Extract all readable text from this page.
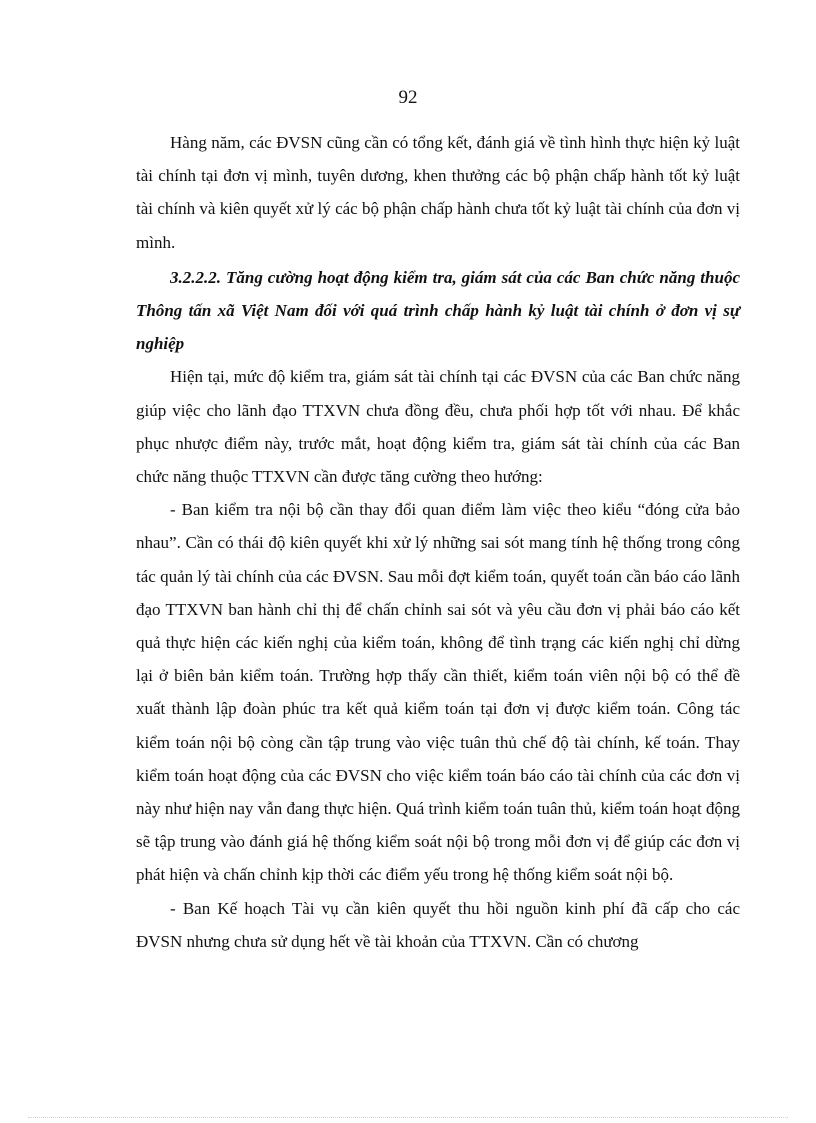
92

Hàng năm, các ĐVSN cũng cần có tổng kết, đánh giá về tình hình thực hiện kỷ luật tài chính tại đơn vị mình, tuyên dương, khen thưởng các bộ phận chấp hành tốt kỷ luật tài chính và kiên quyết xử lý các bộ phận chấp hành chưa tốt kỷ luật tài chính của đơn vị mình.

3.2.2.2. Tăng cường hoạt động kiểm tra, giám sát của các Ban chức năng thuộc Thông tấn xã Việt Nam đối với quá trình chấp hành kỷ luật tài chính ở đơn vị sự nghiệp

Hiện tại, mức độ kiểm tra, giám sát tài chính tại các ĐVSN của các Ban chức năng giúp việc cho lãnh đạo TTXVN chưa đồng đều, chưa phối hợp tốt với nhau. Để khắc phục nhược điểm này, trước mắt, hoạt động kiểm tra, giám sát tài chính của các Ban chức năng thuộc TTXVN cần được tăng cường theo hướng:

- Ban kiểm tra nội bộ cần thay đổi quan điểm làm việc theo kiểu “đóng cửa bảo nhau”. Cần có thái độ kiên quyết khi xử lý những sai sót mang tính hệ thống trong công tác quản lý tài chính của các ĐVSN. Sau mỗi đợt kiểm toán, quyết toán cần báo cáo lãnh đạo TTXVN ban hành chỉ thị để chấn chỉnh sai sót và yêu cầu đơn vị phải báo cáo kết quả thực hiện các kiến nghị của kiểm toán, không để tình trạng các kiến nghị chỉ dừng lại ở biên bản kiểm toán. Trường hợp thấy cần thiết, kiểm toán viên nội bộ có thể đề xuất thành lập đoàn phúc tra kết quả kiểm toán tại đơn vị được kiểm toán. Công tác kiểm toán nội bộ còng cần tập trung vào việc tuân thủ chế độ tài chính, kế toán. Thay kiểm toán hoạt động của các ĐVSN cho việc kiểm toán báo cáo tài chính của các đơn vị này như hiện nay vẫn đang thực hiện. Quá trình kiểm toán tuân thủ, kiểm toán hoạt động sẽ tập trung vào đánh giá hệ thống kiểm soát nội bộ trong mỗi đơn vị để giúp các đơn vị phát hiện và chấn chỉnh kịp thời các điểm yếu trong hệ thống kiểm soát nội bộ.

- Ban Kế hoạch Tài vụ cần kiên quyết thu hồi nguồn kinh phí đã cấp cho các ĐVSN nhưng chưa sử dụng hết về tài khoản của TTXVN. Cần có chương
